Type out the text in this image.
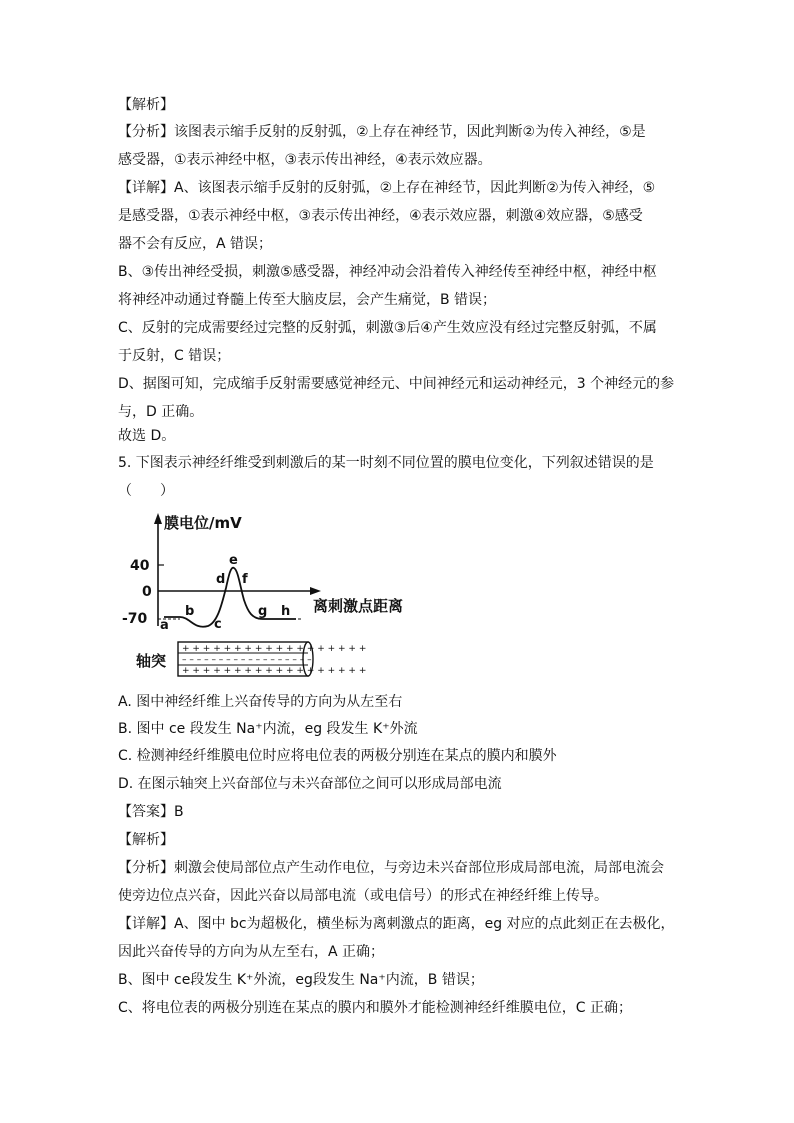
【解析】
【分析】该图表示缩手反射的反射弧，②上存在神经节，因此判断②为传入神经，⑤是
感受器，①表示神经中枢，③表示传出神经，④表示效应器。
【详解】A、该图表示缩手反射的反射弧，②上存在神经节，因此判断②为传入神经，⑤
是感受器，①表示神经中枢，③表示传出神经，④表示效应器，刺激④效应器，⑤感受
器不会有反应，A 错误；
B、③传出神经受损，刺激⑤感受器，神经冲动会沿着传入神经传至神经中枢，神经中枢
将神经冲动通过脊髓上传至大脑皮层，会产生痛觉，B 错误；
C、反射的完成需要经过完整的反射弧，刺激③后④产生效应没有经过完整反射弧，不属
于反射，C 错误；
D、据图可知，完成缩手反射需要感觉神经元、中间神经元和运动神经元，3 个神经元的参
与，D 正确。
故选 D。
5. 下图表示神经纤维受到刺激后的某一时刻不同位置的膜电位变化，下列叙述错误的是
（　　）
膜电位/mV
离刺激点距离
40
0
-70 a
b
c
d
e
f
g h
轴突
+ + + + + + + + + + + + + + + + + +
– – – – – – – – – – – – – – – – – –
+ + + + + + + + + + + + + + + + + +
A. 图中神经纤维上兴奋传导的方向为从左至右
B. 图中 ce 段发生 Na⁺内流，eg 段发生 K⁺外流
C. 检测神经纤维膜电位时应将电位表的两极分别连在某点的膜内和膜外
D. 在图示轴突上兴奋部位与未兴奋部位之间可以形成局部电流
【答案】B
【解析】
【分析】刺激会使局部位点产生动作电位，与旁边未兴奋部位形成局部电流，局部电流会
使旁边位点兴奋，因此兴奋以局部电流（或电信号）的形式在神经纤维上传导。
【详解】A、图中 bc为超极化，横坐标为离刺激点的距离，eg 对应的点此刻正在去极化，
因此兴奋传导的方向为从左至右，A 正确；
B、图中 ce段发生 K⁺外流，eg段发生 Na⁺内流，B 错误；
C、将电位表的两极分别连在某点的膜内和膜外才能检测神经纤维膜电位，C 正确；
